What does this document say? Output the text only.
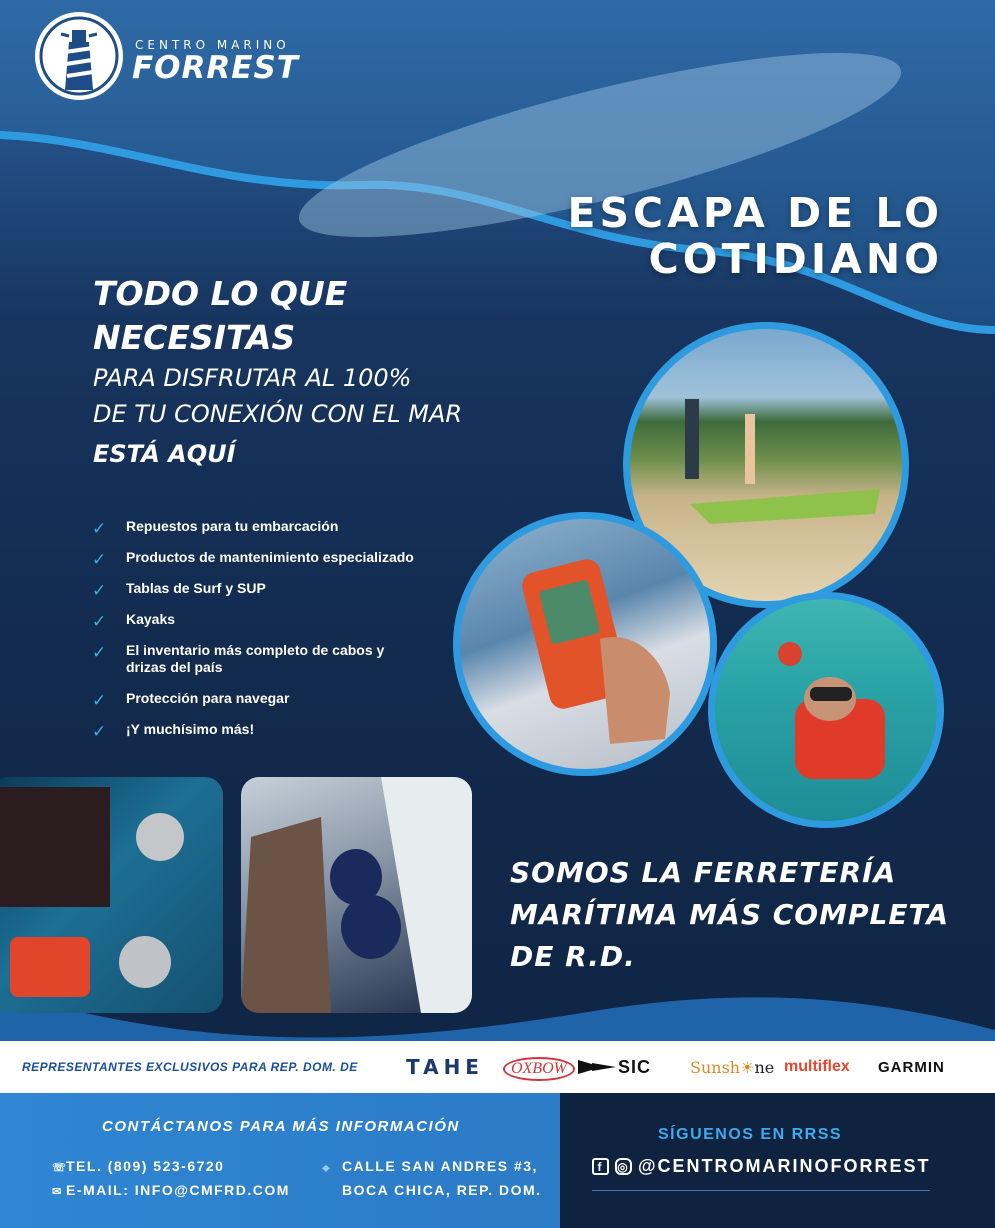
CENTRO MARINO
FORREST
ESCAPA DE LO
COTIDIANO
TODO LO QUE
NECESITAS
PARA DISFRUTAR AL 100%
DE TU CONEXIÓN CON EL MAR
ESTÁ AQUÍ
✓ Repuestos para tu embarcación
✓ Productos de mantenimiento especializado
✓ Tablas de Surf y SUP
✓ Kayaks
✓ El inventario más completo de cabos y drizas del país
✓ Protección para navegar
✓ ¡Y muchísimo más!
SOMOS LA FERRETERÍA
MARÍTIMA MÁS COMPLETA
DE R.D.
REPRESENTANTES EXCLUSIVOS PARA REP. DOM. DE TAHE OXBOW	SIC Sunsh ☀ ne multiflex GARMIN
CONTÁCTANOS PARA MÁS INFORMACIÓN
☏TEL. (809) 523-6720
✉ E-MAIL: INFO@CMFRD.COM
⌖ CALLE SAN ANDRES #3,
BOCA CHICA, REP. DOM.
SÍGUENOS EN RRSS
f	◎ @CENTROMARINOFORREST
